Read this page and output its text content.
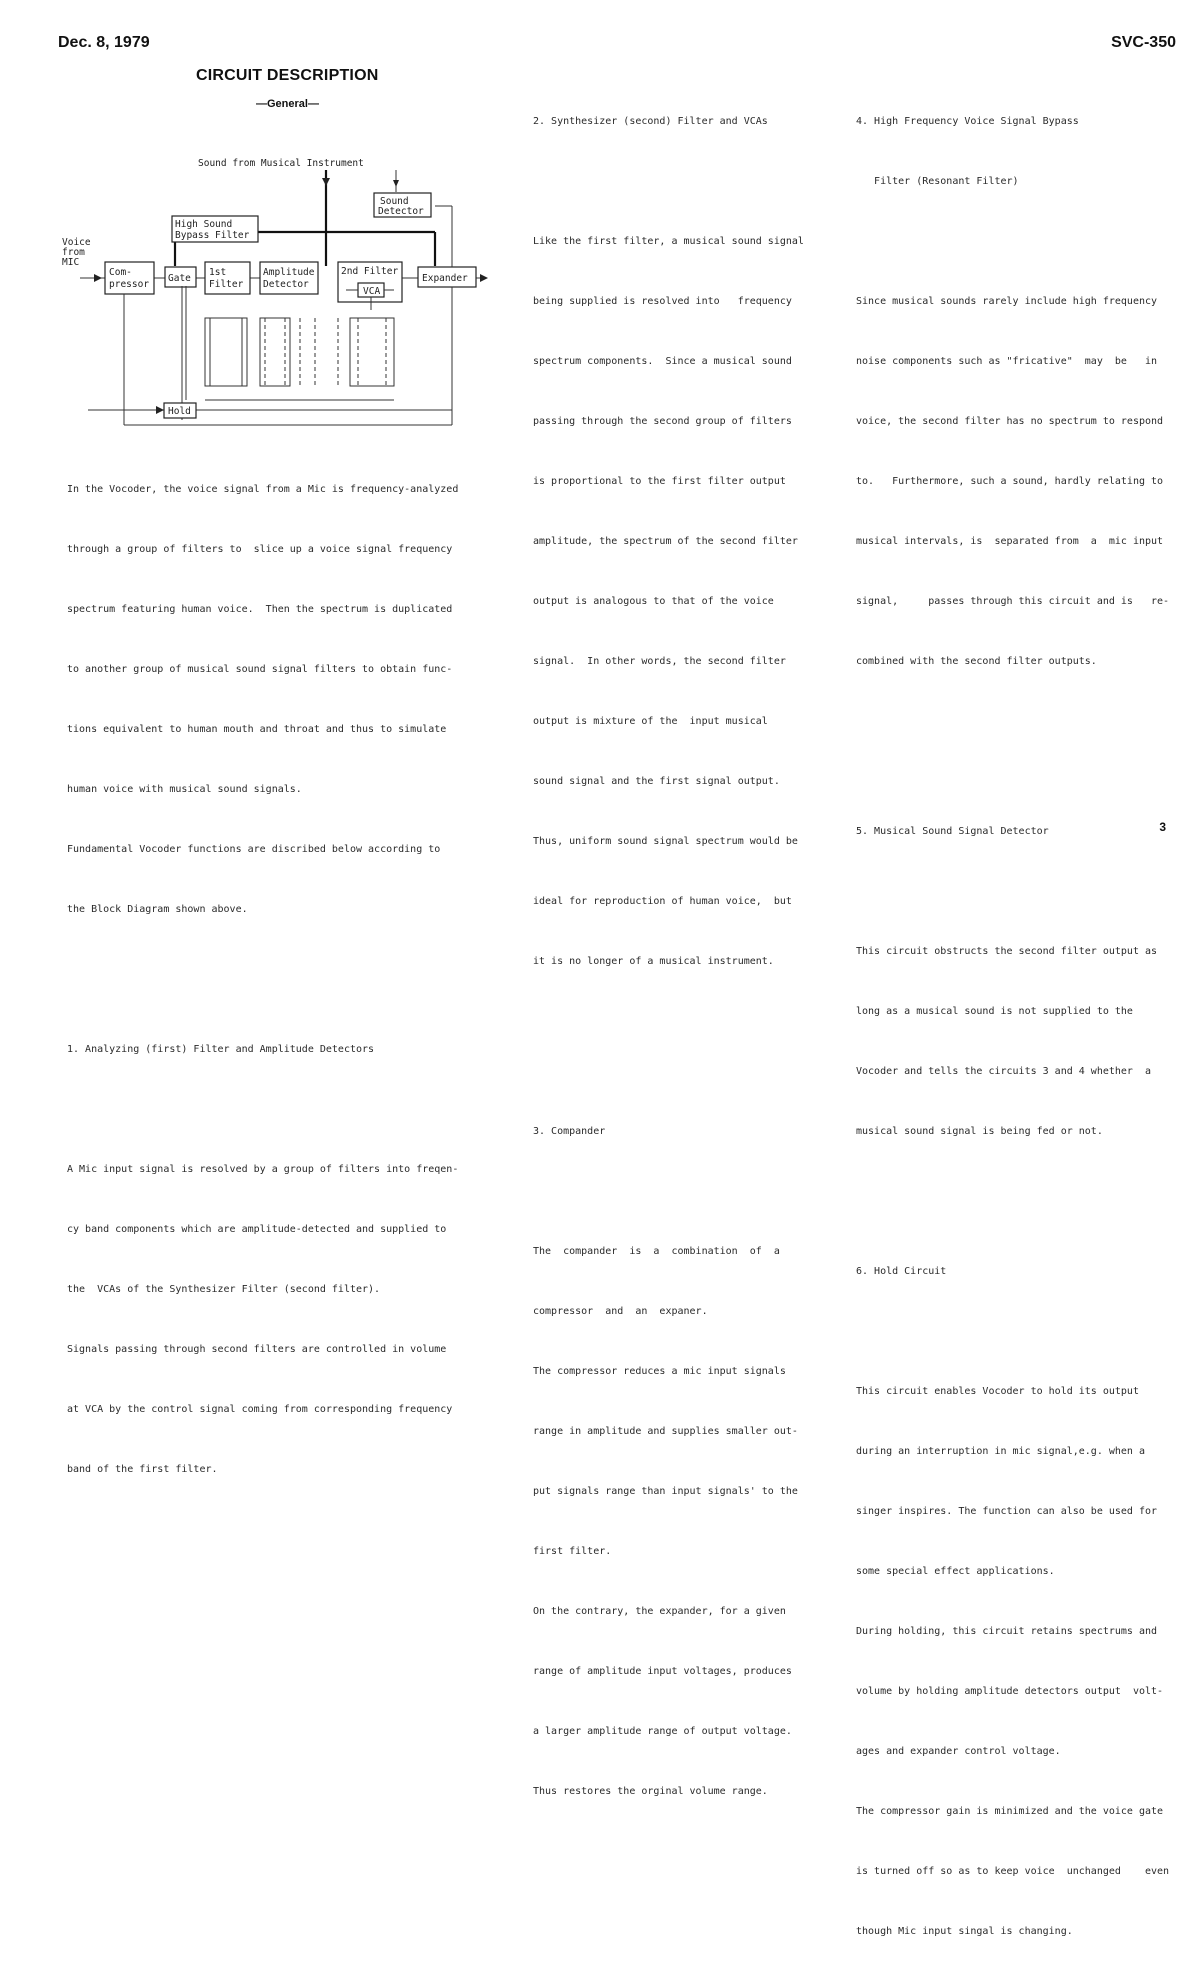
Dec. 8, 1979	SVC-350
3
CIRCUIT DESCRIPTION
—General—
Sound from Musical Instrument
Voice
from
MIC
Com-
pressor
Gate
1st
Filter
Amplitude
Detector
2nd Filter
VCA
Expander
High Sound
Bypass Filter
Sound
Detector
Hold

In the Vocoder, the voice signal from a Mic is frequency-analyzed

through a group of filters to  slice up a voice signal frequency

spectrum featuring human voice.  Then the spectrum is duplicated

to another group of musical sound signal filters to obtain func-

tions equivalent to human mouth and throat and thus to simulate

human voice with musical sound signals.

Fundamental Vocoder functions are discribed below according to

the Block Diagram shown above.

1. Analyzing (first) Filter and Amplitude Detectors

A Mic input signal is resolved by a group of filters into freqen-

cy band components which are amplitude-detected and supplied to

the  VCAs of the Synthesizer Filter (second filter).

Signals passing through second filters are controlled in volume

at VCA by the control signal coming from corresponding frequency

band of the first filter.

2. Synthesizer (second) Filter and VCAs

Like the first filter, a musical sound signal

being supplied is resolved into   frequency

spectrum components.  Since a musical sound

passing through the second group of filters

is proportional to the first filter output

amplitude, the spectrum of the second filter

output is analogous to that of the voice

signal.  In other words, the second filter

output is mixture of the  input musical

sound signal and the first signal output.

Thus, uniform sound signal spectrum would be

ideal for reproduction of human voice,  but

it is no longer of a musical instrument.

3. Compander

The  compander  is  a  combination  of  a

compressor  and  an  expaner.

The compressor reduces a mic input signals

range in amplitude and supplies smaller out-

put signals range than input signals' to the

first filter.

On the contrary, the expander, for a given

range of amplitude input voltages, produces

a larger amplitude range of output voltage.

Thus restores the orginal volume range.

4. High Frequency Voice Signal Bypass

Filter (Resonant Filter)

Since musical sounds rarely include high frequency

noise components such as "fricative"  may  be   in

voice, the second filter has no spectrum to respond

to.   Furthermore, such a sound, hardly relating to

musical intervals, is  separated from  a  mic input

signal,     passes through this circuit and is   re-

combined with the second filter outputs.

5. Musical Sound Signal Detector

This circuit obstructs the second filter output as

long as a musical sound is not supplied to the

Vocoder and tells the circuits 3 and 4 whether  a

musical sound signal is being fed or not.

6. Hold Circuit

This circuit enables Vocoder to hold its output

during an interruption in mic signal,e.g. when a

singer inspires. The function can also be used for

some special effect applications.

During holding, this circuit retains spectrums and

volume by holding amplitude detectors output  volt-

ages and expander control voltage.

The compressor gain is minimized and the voice gate

is turned off so as to keep voice  unchanged    even

though Mic input singal is changing.
